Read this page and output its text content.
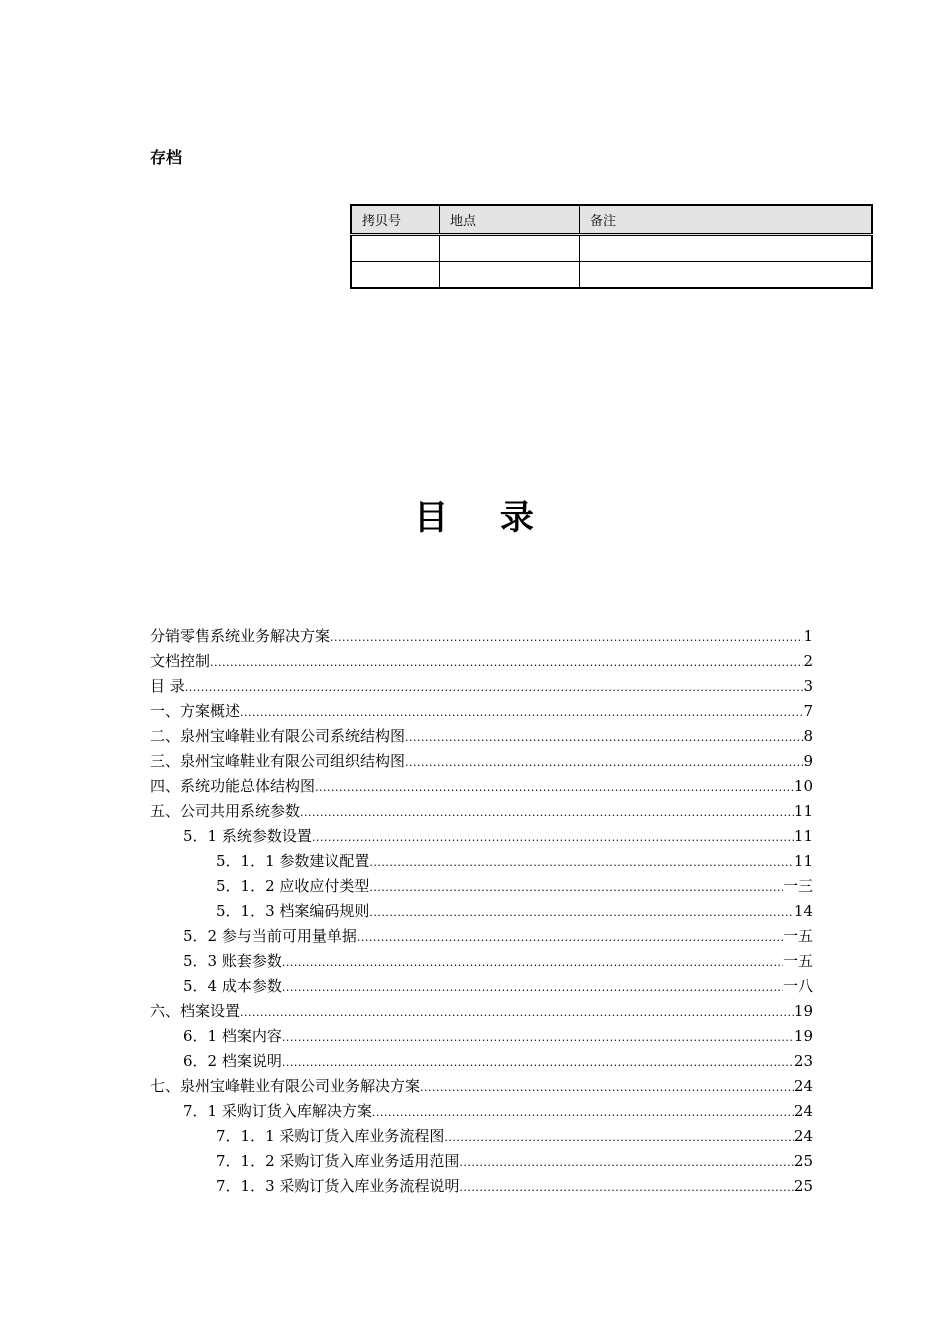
存档
拷贝号	地点	备注

目 录
分销零售系统业务解决方案 .....	1
文档控制 .....	2
目 录 .....	3
一、方案概述 .....	7
二、泉州宝峰鞋业有限公司系统结构图 .....	8
三、泉州宝峰鞋业有限公司组织结构图 .....	9
四、系统功能总体结构图 .....	10
五、公司共用系统参数 .....	11
5．1 系统参数设置 .....	11
5．1．1 参数建议配置 .....	11
5．1．2 应收应付类型 .....	一三
5．1．3 档案编码规则 .....	14
5．2 参与当前可用量单据 .....	一五
5．3 账套参数 .....	一五
5．4 成本参数 .....	一八
六、档案设置 .....	19
6．1 档案内容 .....	19
6．2 档案说明 .....	23
七、泉州宝峰鞋业有限公司业务解决方案 .....	24
7．1 采购订货入库解决方案 .....	24
7．1．1 采购订货入库业务流程图 .....	24
7．1．2 采购订货入库业务适用范围 .....	25
7．1．3 采购订货入库业务流程说明 .....	25
